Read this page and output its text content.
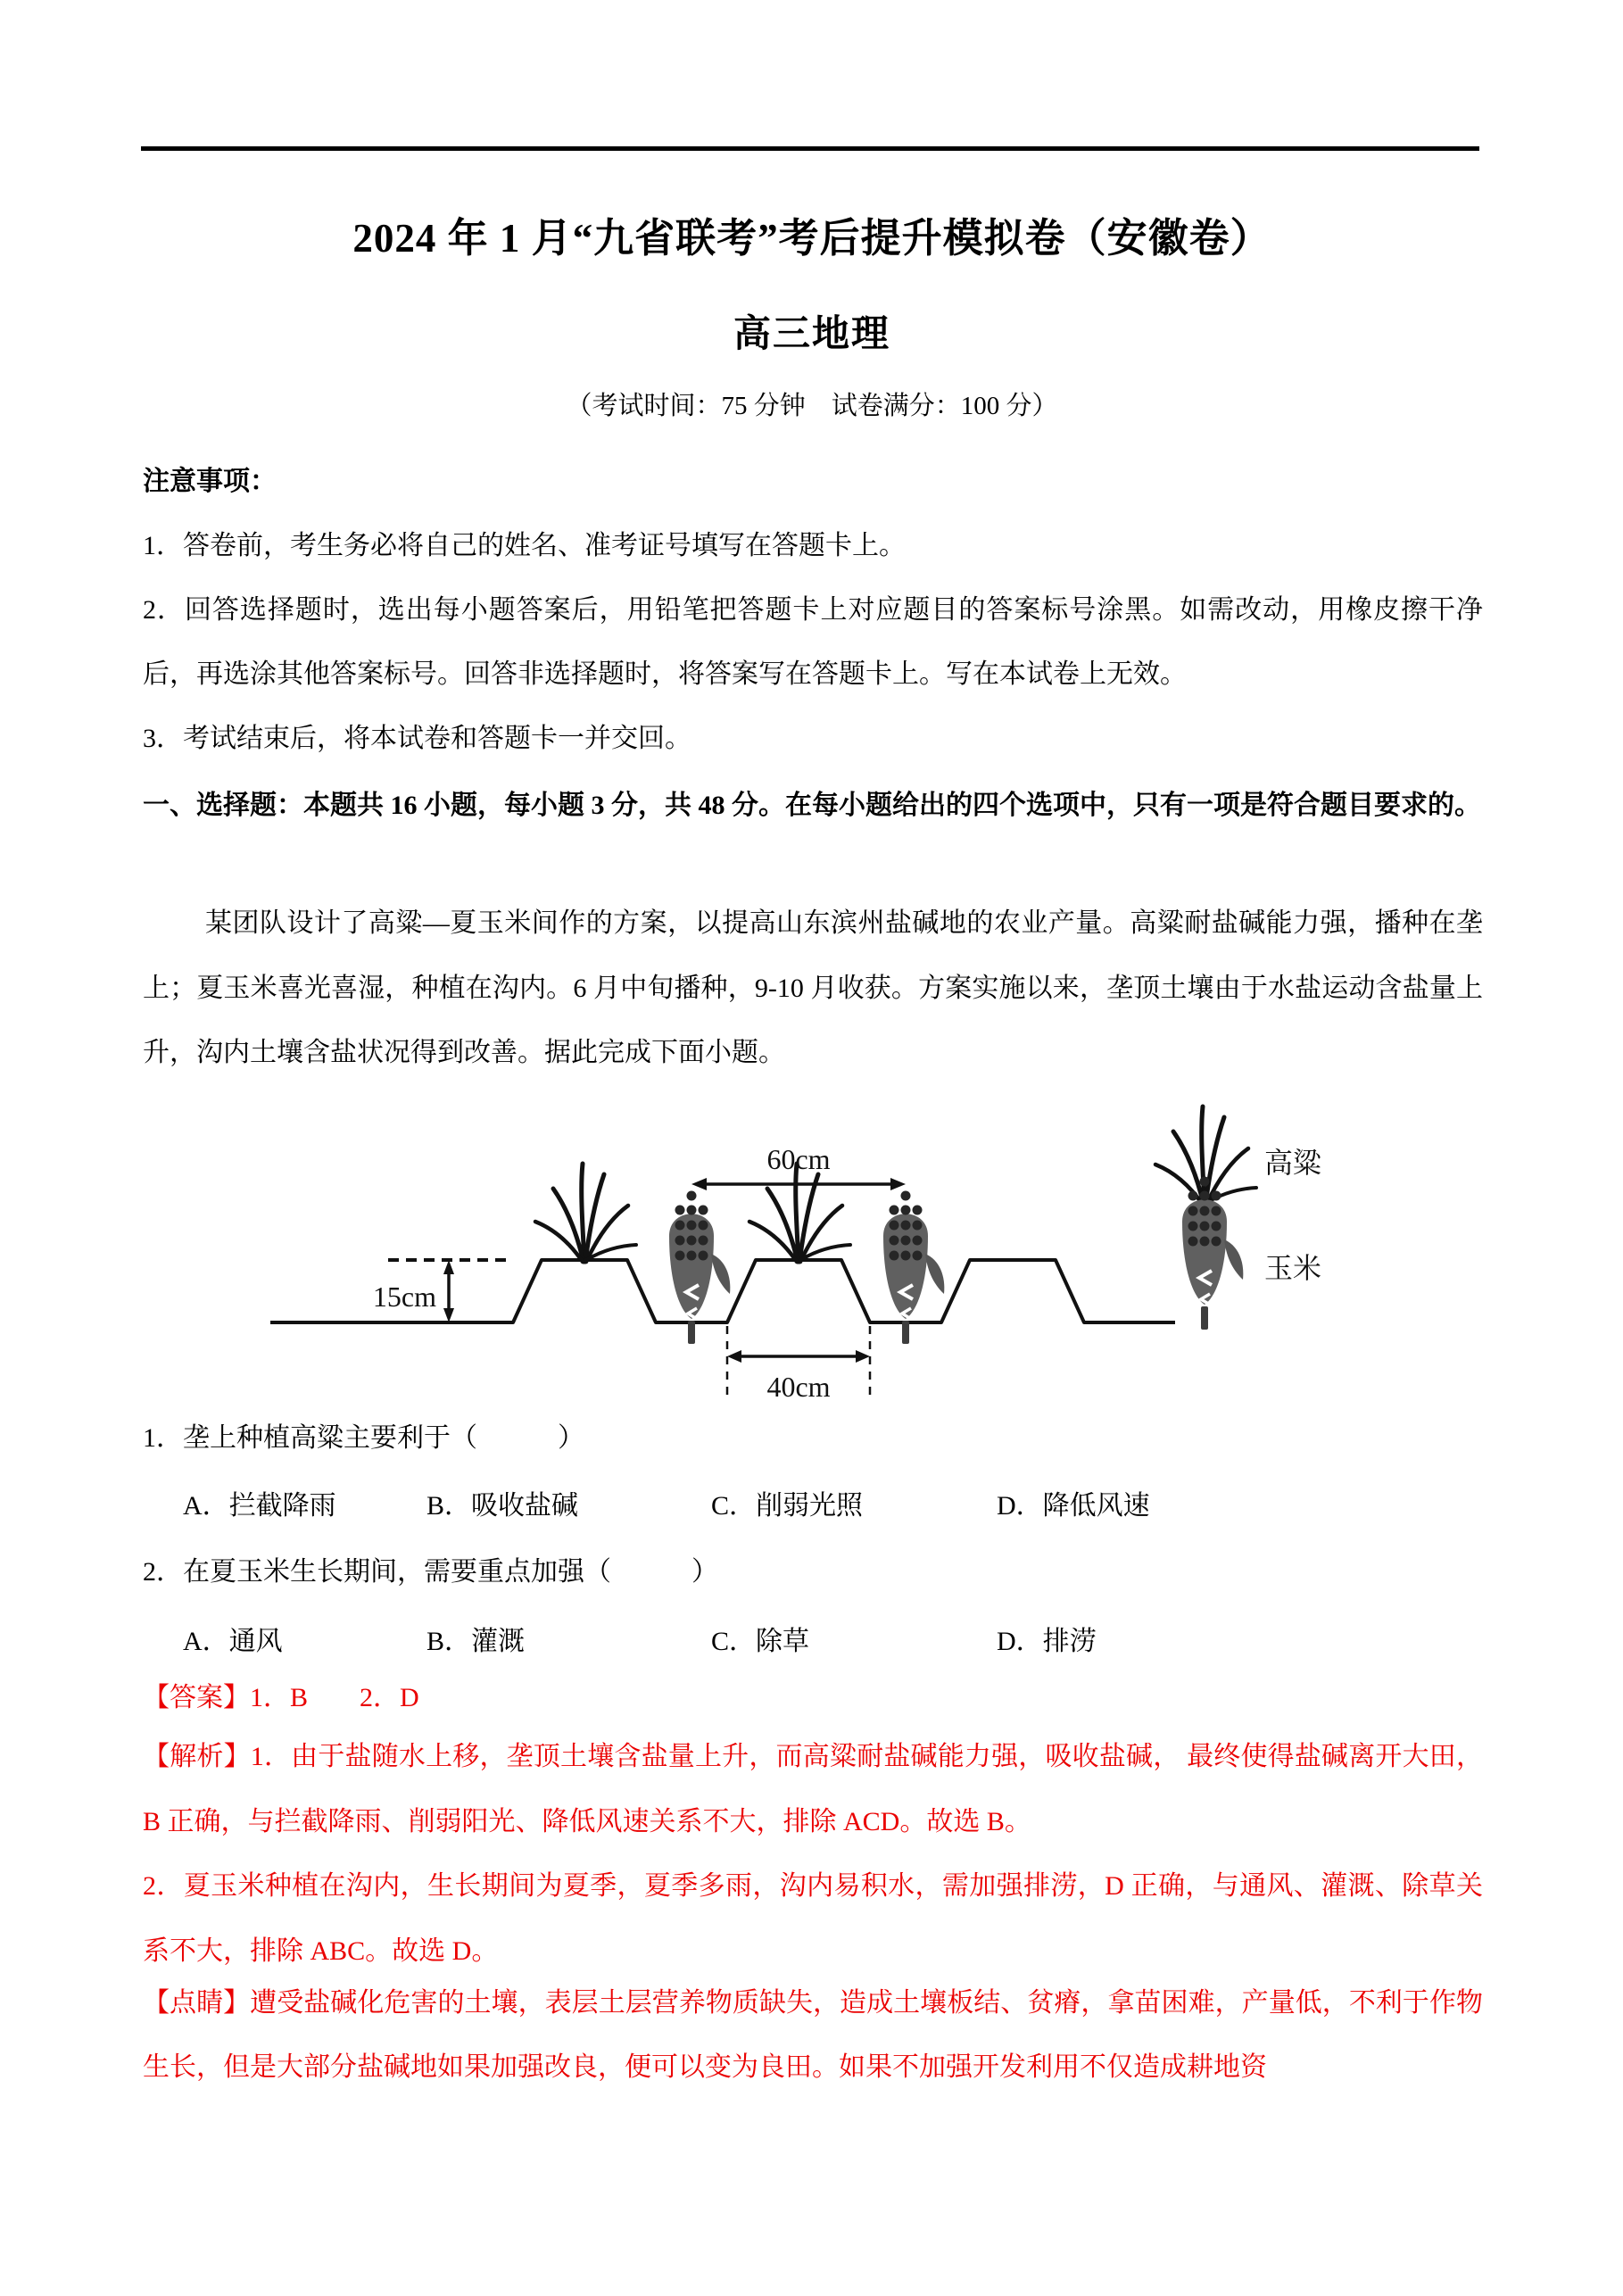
2024 年 1 月“九省联考”考后提升模拟卷（安徽卷）
高三地理
（考试时间：75 分钟　试卷满分：100 分）

注意事项：

1．答卷前，考生务必将自己的姓名、准考证号填写在答题卡上。

2．回答选择题时，选出每小题答案后，用铅笔把答题卡上对应题目的答案标号涂黑。如需改动，用橡皮擦干净后，再选涂其他答案标号。回答非选择题时，将答案写在答题卡上。写在本试卷上无效。

3．考试结束后，将本试卷和答题卡一并交回。

一、选择题：本题共 16 小题，每小题 3 分，共 48 分。在每小题给出的四个选项中，只有一项是符合题目要求的。

某团队设计了高粱—夏玉米间作的方案，以提高山东滨州盐碱地的农业产量。高粱耐盐碱能力强，播种在垄上；夏玉米喜光喜湿，种植在沟内。6 月中旬播种，9-10 月收获。方案实施以来，垄顶土壤由于水盐运动含盐量上升，沟内土壤含盐状况得到改善。据此完成下面小题。

60cm
15cm
40cm
高粱
玉米

1．垄上种植高粱主要利于（　　　）

A．拦截降雨	B．吸收盐碱	C．削弱光照	D．降低风速

2．在夏玉米生长期间，需要重点加强（　　　）

A．通风	B．灌溉	C．除草	D．排涝
【答案】1．B 2．D

【解析】1．由于盐随水上移，垄顶土壤含盐量上升，而高粱耐盐碱能力强，吸收盐碱， 最终使得盐碱离开大田，B 正确，与拦截降雨、削弱阳光、降低风速关系不大，排除 ACD。故选 B。

2．夏玉米种植在沟内，生长期间为夏季，夏季多雨，沟内易积水，需加强排涝，D 正确，与通风、灌溉、除草关系不大，排除 ABC。故选 D。

【点睛】遭受盐碱化危害的土壤，表层土层营养物质缺失，造成土壤板结、贫瘠，拿苗困难，产量低，不利于作物生长，但是大部分盐碱地如果加强改良，便可以变为良田。如果不加强开发利用不仅造成耕地资
